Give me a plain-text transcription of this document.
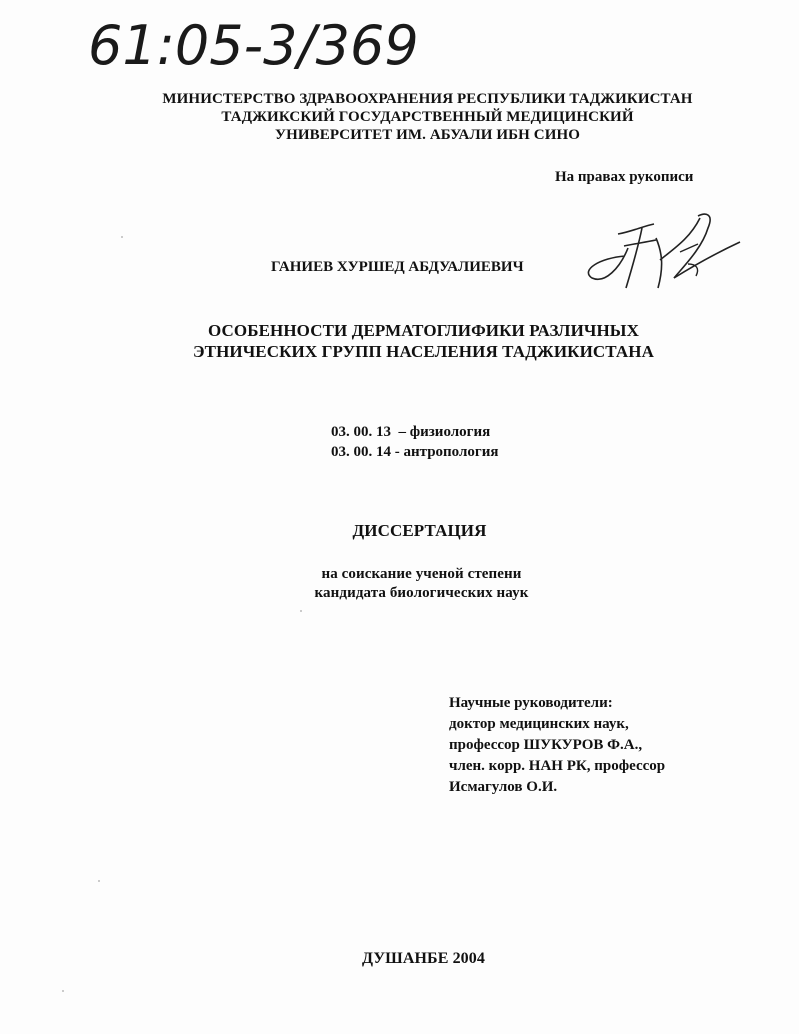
61:05-3/369
МИНИСТЕРСТВО ЗДРАВООХРАНЕНИЯ РЕСПУБЛИКИ ТАДЖИКИСТАН
ТАДЖИКСКИЙ ГОСУДАРСТВЕННЫЙ МЕДИЦИНСКИЙ
УНИВЕРСИТЕТ ИМ. АБУАЛИ ИБН СИНО
На правах рукописи
ГАНИЕВ ХУРШЕД АБДУАЛИЕВИЧ
ОСОБЕННОСТИ ДЕРМАТОГЛИФИКИ РАЗЛИЧНЫХ
ЭТНИЧЕСКИХ ГРУПП НАСЕЛЕНИЯ ТАДЖИКИСТАНА
03. 00. 13  – физиология
03. 00. 14 - антропология
ДИССЕРТАЦИЯ
на соискание ученой степени
кандидата биологических наук
Научные руководители:
доктор медицинских наук,
профессор ШУКУРОВ Ф.А.,
член. корр. НАН РК, профессор
Исмагулов О.И.
ДУШАНБЕ 2004
